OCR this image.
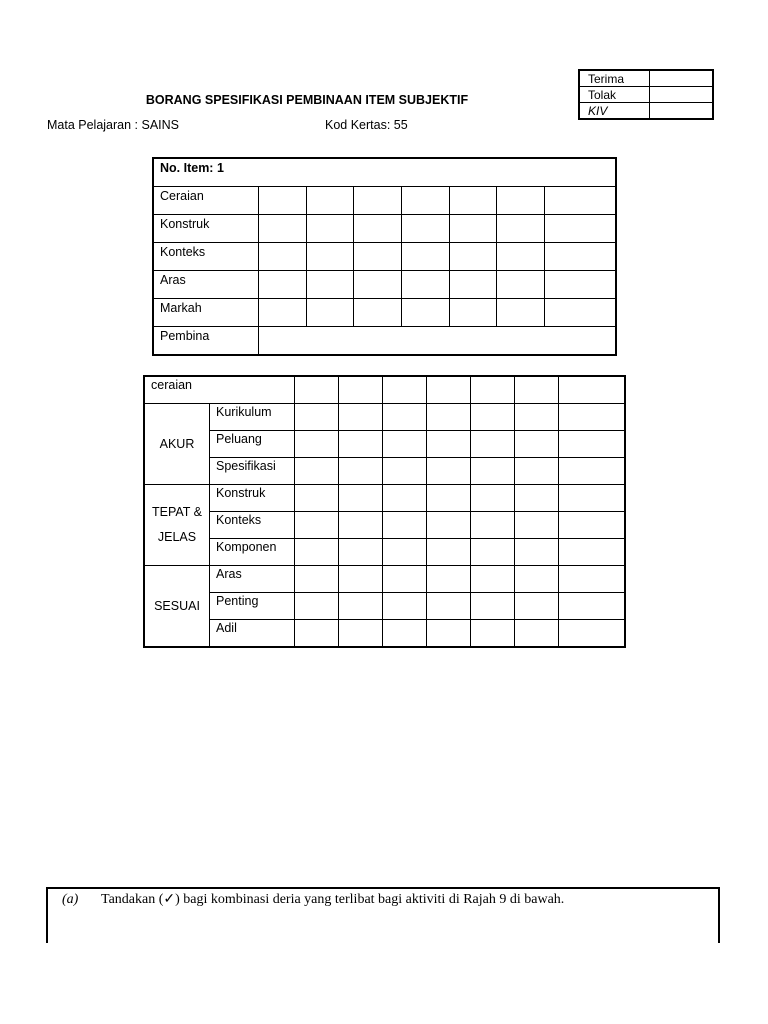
Terima	
Tolak	
KIV	
BORANG SPESIFIKASI PEMBINAAN ITEM SUBJEKTIF
Mata Pelajaran : SAINS	Kod Kertas: 55
No. Item: 1							
Ceraian							
Konstruk							
Konteks							
Aras							
Markah							
Pembina							
ceraian								
AKUR	Kurikulum							
	Peluang							
	Spesifikasi							

TEPAT &
JELAS	Konstruk							
	Konteks							
	Komponen							
SESUAI	Aras							
	Penting							
	Adil							
(a) Tandakan (✓) bagi kombinasi deria yang terlibat bagi aktiviti di Rajah 9 di bawah.
